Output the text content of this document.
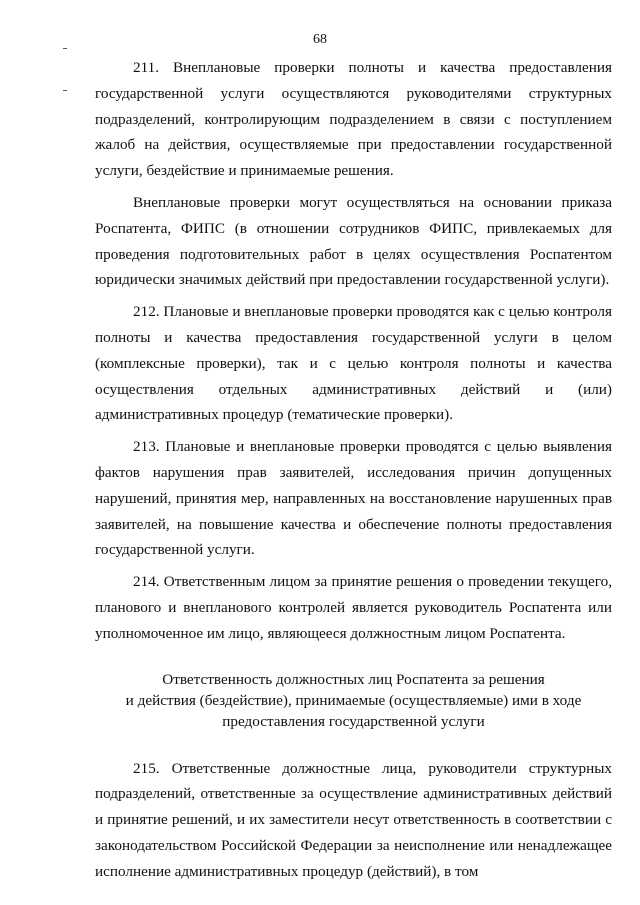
68

211. Внеплановые проверки полноты и качества предоставления государственной услуги осуществляются руководителями структурных подразделений, контролирующим подразделением в связи с поступлением жалоб на действия, осуществляемые при предоставлении государственной услуги, бездействие и принимаемые решения.

Внеплановые проверки могут осуществляться на основании приказа Роспатента, ФИПС (в отношении сотрудников ФИПС, привлекаемых для проведения подготовительных работ в целях осуществления Роспатентом юридически значимых действий при предоставлении государственной услуги).

212. Плановые и внеплановые проверки проводятся как с целью контроля полноты и качества предоставления государственной услуги в целом (комплексные проверки), так и с целью контроля полноты и качества осуществления отдельных административных действий и (или) административных процедур (тематические проверки).

213. Плановые и внеплановые проверки проводятся с целью выявления фактов нарушения прав заявителей, исследования причин допущенных нарушений, принятия мер, направленных на восстановление нарушенных прав заявителей, на повышение качества и обеспечение полноты предоставления государственной услуги.

214. Ответственным лицом за принятие решения о проведении текущего, планового и внепланового контролей является руководитель Роспатента или уполномоченное им лицо, являющееся должностным лицом Роспатента.

Ответственность должностных лиц Роспатента за решения
и действия (бездействие), принимаемые (осуществляемые) ими в ходе
предоставления государственной услуги

215. Ответственные должностные лица, руководители структурных подразделений, ответственные за осуществление административных действий и принятие решений, и их заместители несут ответственность в соответствии с законодательством Российской Федерации за неисполнение или ненадлежащее исполнение административных процедур (действий), в том
